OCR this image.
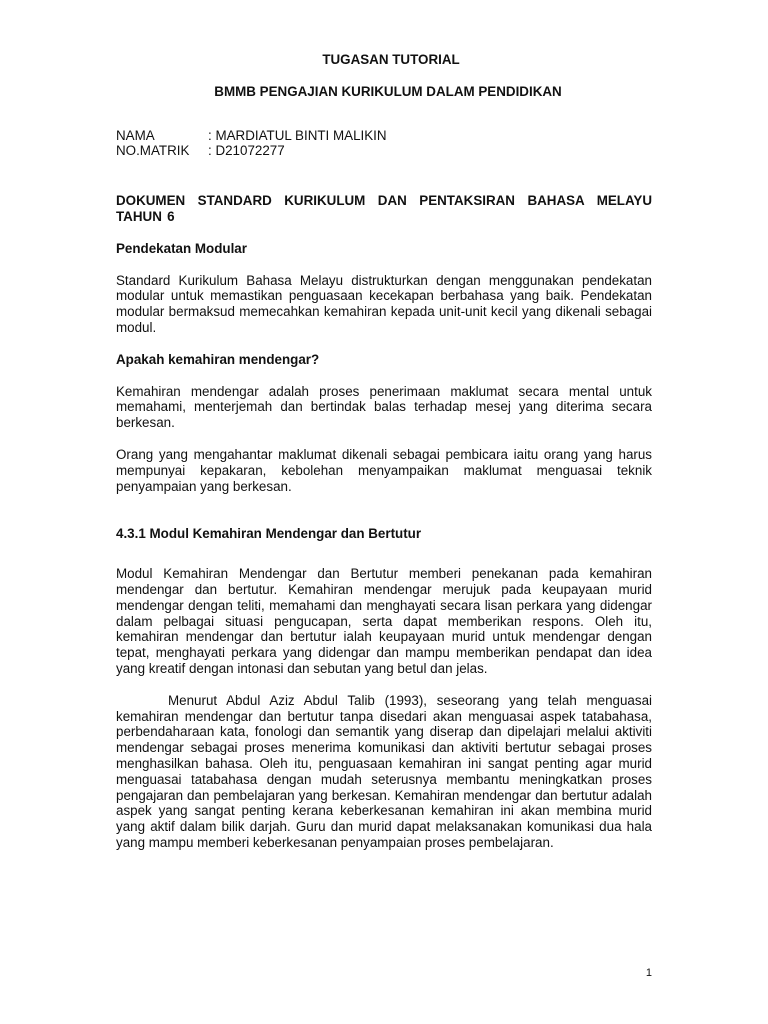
TUGASAN TUTORIAL

BMMB PENGAJIAN KURIKULUM DALAM PENDIDIKAN

NAMA	: MARDIATUL BINTI MALIKIN
NO.MATRIK	: D21072277

DOKUMEN STANDARD KURIKULUM DAN PENTAKSIRAN BAHASA MELAYU TAHUN 6

Pendekatan Modular

Standard Kurikulum Bahasa Melayu distrukturkan dengan menggunakan pendekatan modular untuk memastikan penguasaan kecekapan berbahasa yang baik. Pendekatan modular bermaksud memecahkan kemahiran kepada unit-unit kecil yang dikenali sebagai modul.

Apakah kemahiran mendengar?

Kemahiran mendengar adalah proses penerimaan maklumat secara mental untuk memahami, menterjemah dan bertindak balas terhadap mesej yang diterima secara berkesan.

Orang yang mengahantar maklumat dikenali sebagai pembicara iaitu orang yang harus mempunyai kepakaran, kebolehan menyampaikan maklumat menguasai teknik penyampaian yang berkesan.

4.3.1 Modul Kemahiran Mendengar dan Bertutur

Modul Kemahiran Mendengar dan Bertutur memberi penekanan pada kemahiran mendengar dan bertutur. Kemahiran mendengar merujuk pada keupayaan murid mendengar dengan teliti, memahami dan menghayati secara lisan perkara yang didengar dalam pelbagai situasi pengucapan, serta dapat memberikan respons. Oleh itu, kemahiran mendengar dan bertutur ialah keupayaan murid untuk mendengar dengan tepat, menghayati perkara yang didengar dan mampu memberikan pendapat dan idea yang kreatif dengan intonasi dan sebutan yang betul dan jelas.

Menurut Abdul Aziz Abdul Talib (1993), seseorang yang telah menguasai kemahiran mendengar dan bertutur tanpa disedari akan menguasai aspek tatabahasa, perbendaharaan kata, fonologi dan semantik yang diserap dan dipelajari melalui aktiviti mendengar sebagai proses menerima komunikasi dan aktiviti bertutur sebagai proses menghasilkan bahasa. Oleh itu, penguasaan kemahiran ini sangat penting agar murid menguasai tatabahasa dengan mudah seterusnya membantu meningkatkan proses pengajaran dan pembelajaran yang berkesan. Kemahiran mendengar dan bertutur adalah aspek yang sangat penting kerana keberkesanan kemahiran ini akan membina murid yang aktif dalam bilik darjah. Guru dan murid dapat melaksanakan komunikasi dua hala yang mampu memberi keberkesanan penyampaian proses pembelajaran.

1
